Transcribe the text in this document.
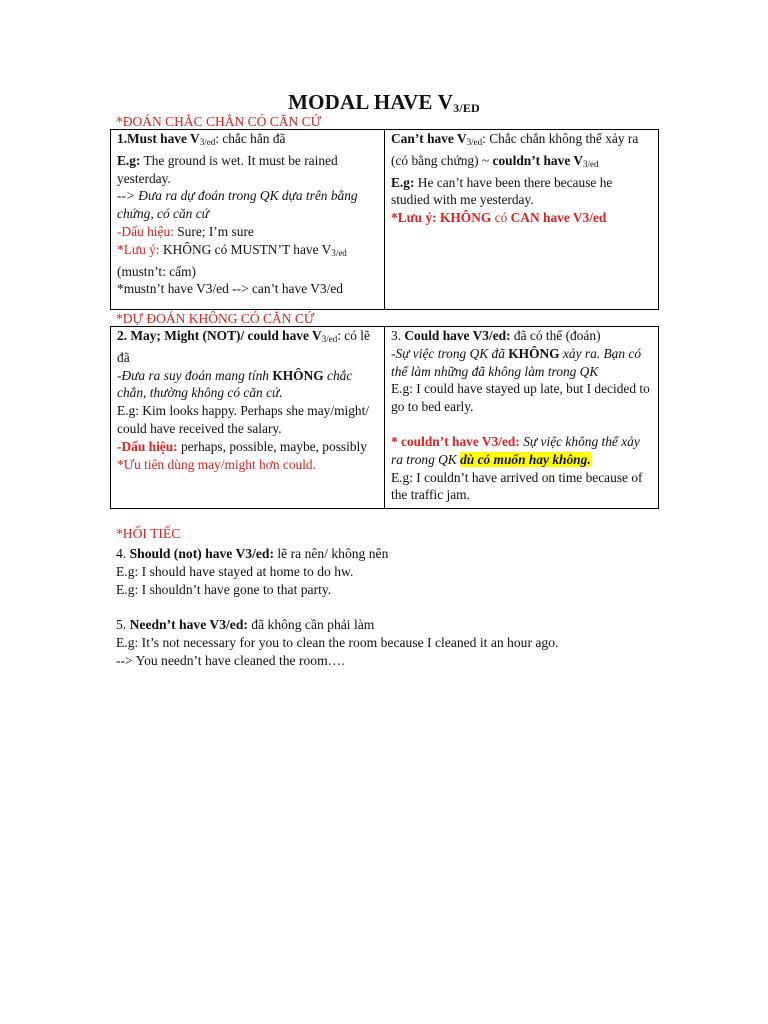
MODAL HAVE $V_{3/ED}$
*ĐOÁN CHẮC CHẮN CÓ CĂN CỨ
1.Must have $V_{3/ed}$: chắc hẳn đã
E.g: The ground is wet. It must be rained yesterday.
--> Đưa ra dự đoán trong QK dựa trên bằng chứng, có căn cứ
-Dấu hiệu: Sure; I’m sure
*Lưu ý: KHÔNG có MUSTN’T have $V_{3/ed}$
(mustn’t: cấm)
*mustn’t have V3/ed --> can’t have V3/ed

Can’t have $V_{3/ed}$: Chắc chắn không thể xảy ra (có bằng chứng) ~ couldn’t have $V_{3/ed}$
E.g: He can’t have been there because he studied with me yesterday.
*Lưu ý: KHÔNG có CAN have V3/ed
*DỰ ĐOÁN KHÔNG CÓ CĂN CỨ
2. May; Might (NOT)/ could have $V_{3/ed}$: có lẽ đã
-Đưa ra suy đoán mang tính KHÔNG chắc chắn, thường không có căn cứ.
E.g: Kim looks happy. Perhaps she may/might/ could have received the salary.
-Dấu hiệu: perhaps, possible, maybe, possibly
*Ưu tiên dùng may/might hơn could.

3. Could have V3/ed: đã có thể (đoán)
-Sự việc trong QK đã KHÔNG xảy ra. Bạn có thể làm những đã không làm trong QK
E.g: I could have stayed up late, but I decided to go to bed early.
* couldn’t have V3/ed: Sự việc không thể xảy ra trong QK dù có muốn hay không.
E.g: I couldn’t have arrived on time because of the traffic jam.

*HỐI TIẾC

4. Should (not) have V3/ed: lẽ ra nên/ không nên

E.g: I should have stayed at home to do hw.

E.g: I shouldn’t have gone to that party.

5. Needn’t have V3/ed: đã không cần phải làm

E.g: It’s not necessary for you to clean the room because I cleaned it an hour ago.

--> You needn’t have cleaned the room….
